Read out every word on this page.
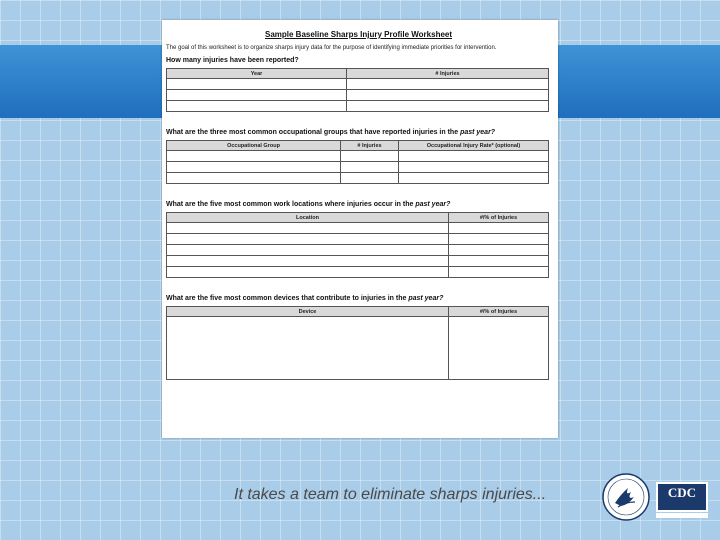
Sample Baseline Sharps Injury Profile Worksheet
The goal of this worksheet is to organize sharps injury data for the purpose of identifying immediate priorities for intervention.
How many injuries have been reported?
Year	# Injuries

What are the three most common occupational groups that have reported injuries in the past year?
Occupational Group	# Injuries	Occupational Injury Rate* (optional)

What are the five most common work locations where injuries occur in the past year?
Location	#/% of Injuries

What are the five most common devices that contribute to injuries in the past year?
Device	#/% of Injuries

It takes a team to eliminate sharps injuries...	CDC
